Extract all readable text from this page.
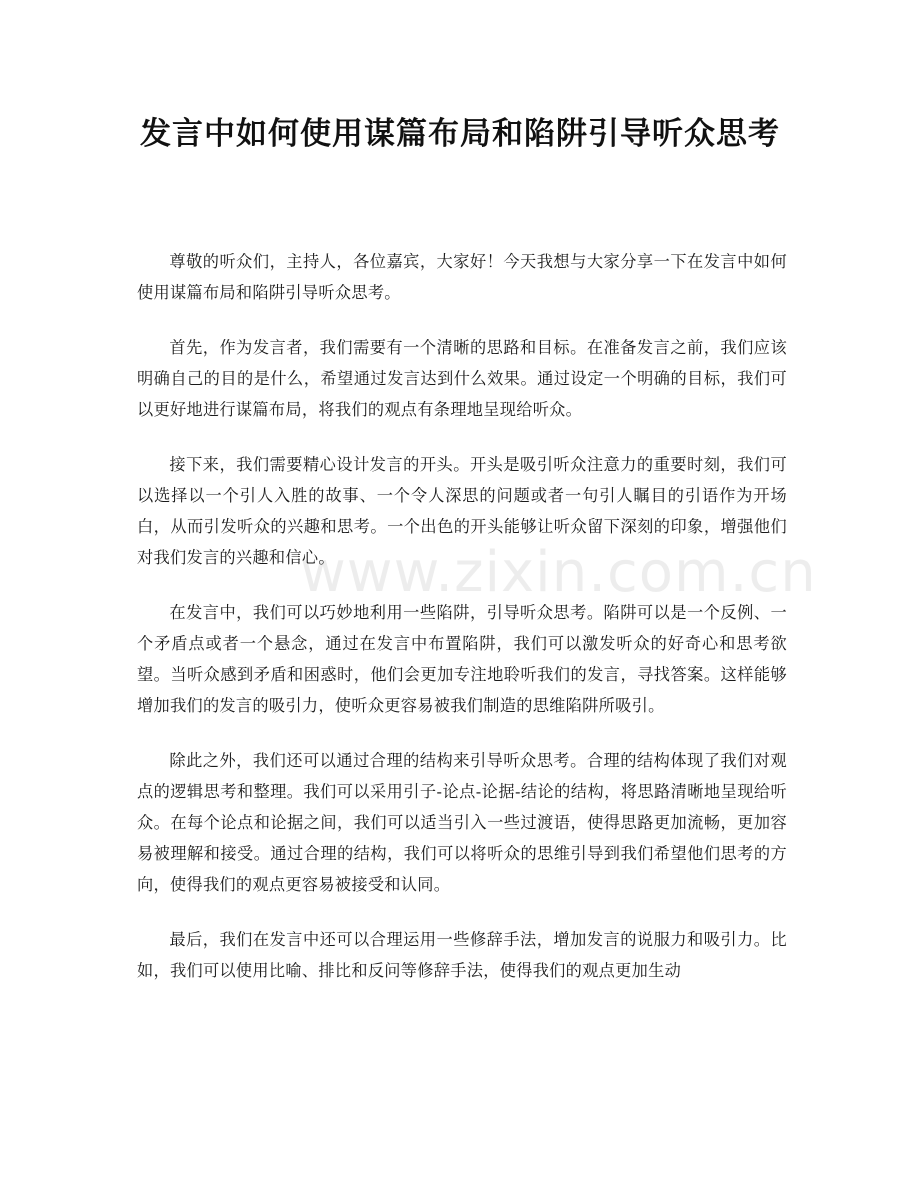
发言中如何使用谋篇布局和陷阱引导听众思考

尊敬的听众们，主持人，各位嘉宾，大家好！今天我想与大家分享一下在发言中如何使用谋篇布局和陷阱引导听众思考。

首先，作为发言者，我们需要有一个清晰的思路和目标。在准备发言之前，我们应该明确自己的目的是什么，希望通过发言达到什么效果。通过设定一个明确的目标，我们可以更好地进行谋篇布局，将我们的观点有条理地呈现给听众。

接下来，我们需要精心设计发言的开头。开头是吸引听众注意力的重要时刻，我们可以选择以一个引人入胜的故事、一个令人深思的问题或者一句引人瞩目的引语作为开场白，从而引发听众的兴趣和思考。一个出色的开头能够让听众留下深刻的印象，增强他们对我们发言的兴趣和信心。

在发言中，我们可以巧妙地利用一些陷阱，引导听众思考。陷阱可以是一个反例、一个矛盾点或者一个悬念，通过在发言中布置陷阱，我们可以激发听众的好奇心和思考欲望。当听众感到矛盾和困惑时，他们会更加专注地聆听我们的发言，寻找答案。这样能够增加我们的发言的吸引力，使听众更容易被我们制造的思维陷阱所吸引。

除此之外，我们还可以通过合理的结构来引导听众思考。合理的结构体现了我们对观点的逻辑思考和整理。我们可以采用引子-论点-论据-结论的结构，将思路清晰地呈现给听众。在每个论点和论据之间，我们可以适当引入一些过渡语，使得思路更加流畅，更加容易被理解和接受。通过合理的结构，我们可以将听众的思维引导到我们希望他们思考的方向，使得我们的观点更容易被接受和认同。

最后，我们在发言中还可以合理运用一些修辞手法，增加发言的说服力和吸引力。比如，我们可以使用比喻、排比和反问等修辞手法，使得我们的观点更加生动

www.zixin.com.cn
